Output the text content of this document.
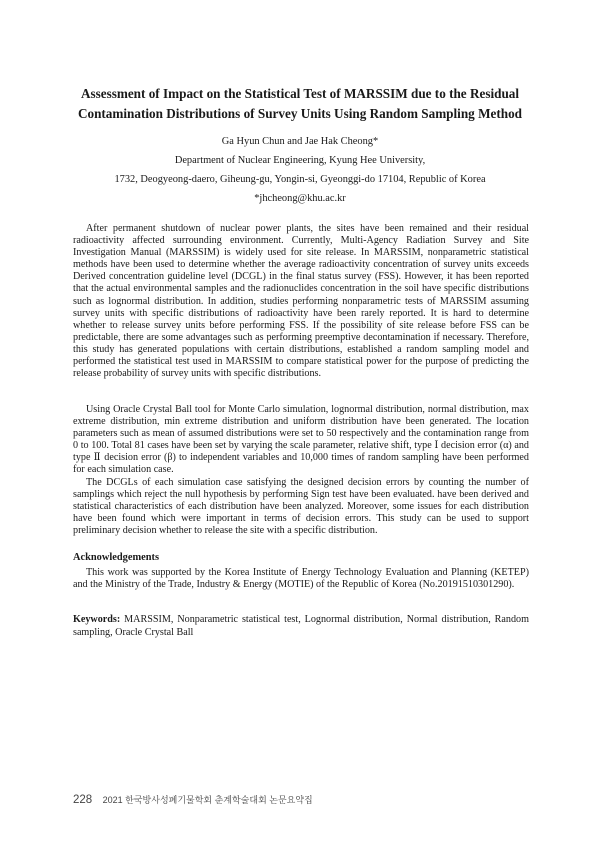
Assessment of Impact on the Statistical Test of MARSSIM due to the Residual
Contamination Distributions of Survey Units Using Random Sampling Method

Ga Hyun Chun and Jae Hak Cheong*

Department of Nuclear Engineering, Kyung Hee University,

1732, Deogyeong-daero, Giheung-gu, Yongin-si, Gyeonggi-do 17104, Republic of Korea

*jhcheong@khu.ac.kr

After permanent shutdown of nuclear power plants, the sites have been remained and their residual radioactivity affected surrounding environment. Currently, Multi-Agency Radiation Survey and Site Investigation Manual (MARSSIM) is widely used for site release. In MARSSIM, nonparametric statistical methods have been used to determine whether the average radioactivity concentration of survey units exceeds Derived concentration guideline level (DCGL) in the final status survey (FSS). However, it has been reported that the actual environmental samples and the radionuclides concentration in the soil have specific distributions such as lognormal distribution. In addition, studies performing nonparametric tests of MARSSIM assuming survey units with specific distributions of radioactivity have been rarely reported. It is hard to determine whether to release survey units before performing FSS. If the possibility of site release before FSS can be predictable, there are some advantages such as performing preemptive decontamination if necessary. Therefore, this study has generated populations with certain distributions, established a random sampling model and performed the statistical test used in MARSSIM to compare statistical power for the purpose of predicting the release probability of survey units with specific distributions.

Using Oracle Crystal Ball tool for Monte Carlo simulation, lognormal distribution, normal distribution, max extreme distribution, min extreme distribution and uniform distribution have been generated. The location parameters such as mean of assumed distributions were set to 50 respectively and the contamination range from 0 to 100. Total 81 cases have been set by varying the scale parameter, relative shift, type Ⅰ decision error (α) and type Ⅱ decision error (β) to independent variables and 10,000 times of random sampling have been performed for each simulation case.

The DCGLs of each simulation case satisfying the designed decision errors by counting the number of samplings which reject the null hypothesis by performing Sign test have been evaluated. have been derived and statistical characteristics of each distribution have been analyzed. Moreover, some issues for each distribution have been found which were important in terms of decision errors. This study can be used to support preliminary decision whether to release the site with a specific distribution.

Acknowledgements

This work was supported by the Korea Institute of Energy Technology Evaluation and Planning (KETEP) and the Ministry of the Trade, Industry & Energy (MOTIE) of the Republic of Korea (No.20191510301290).

Keywords: MARSSIM, Nonparametric statistical test, Lognormal distribution, Normal distribution, Random sampling, Oracle Crystal Ball

228 2021 한국방사성폐기물학회 춘계학술대회 논문요약집
